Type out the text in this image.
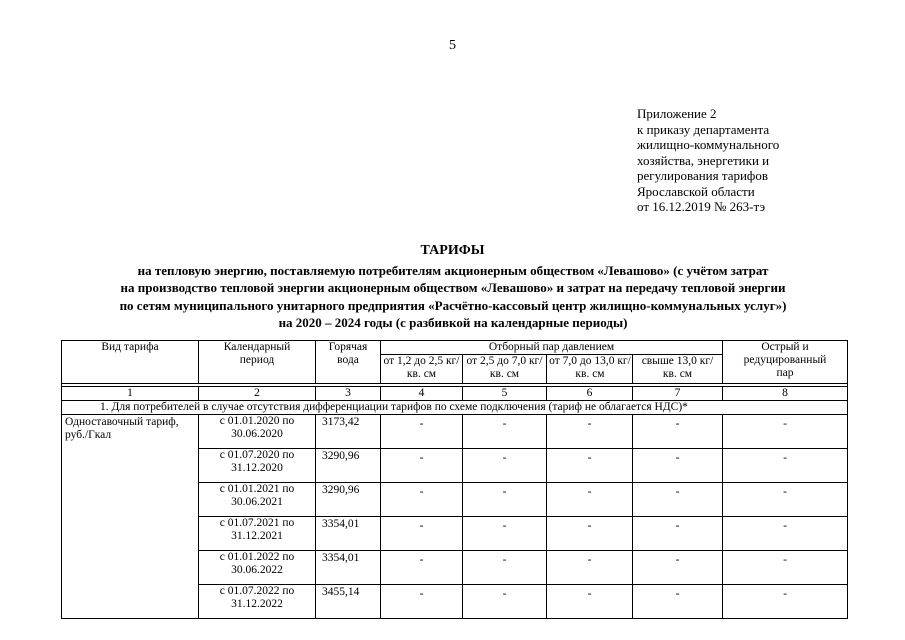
5
Приложение 2
к приказу департамента
жилищно-коммунального
хозяйства, энергетики и
регулирования тарифов
Ярославской области
от 16.12.2019 № 263-тэ
ТАРИФЫ
на тепловую энергию, поставляемую потребителям акционерным обществом «Левашово» (с учётом затрат
на производство тепловой энергии акционерным обществом «Левашово» и затрат на передачу тепловой энергии
по сетям муниципального унитарного предприятия «Расчётно-кассовый центр жилищно-коммунальных услуг»)
на 2020 – 2024 годы (с разбивкой на календарные периоды)
Вид тарифа	Календарный период	Горячая вода	Отборный пар давлением				Острый и редуцированный пар

			от 1,2 до 2,5 кг/кв. см	от 2,5 до 7,0 кг/кв. см	от 7,0 до 13,0 кг/кв. см	свыше 13,0 кг/кв. см	

1	2	3	4	5	6	7	8
1. Для потребителей в случае отсутствия дифференциации тарифов по схеме подключения (тариф не облагается НДС)*							

Одноставочный тариф, руб./Гкал	с 01.01.2020 по 30.06.2020	3173,42	-	-	-	-	-

	с 01.07.2020 по 31.12.2020	3290,96	-	-	-	-	-

	с 01.01.2021 по 30.06.2021	3290,96	-	-	-	-	-

	с 01.07.2021 по 31.12.2021	3354,01	-	-	-	-	-

	с 01.01.2022 по 30.06.2022	3354,01	-	-	-	-	-

	с 01.07.2022 по 31.12.2022	3455,14	-	-	-	-	-
